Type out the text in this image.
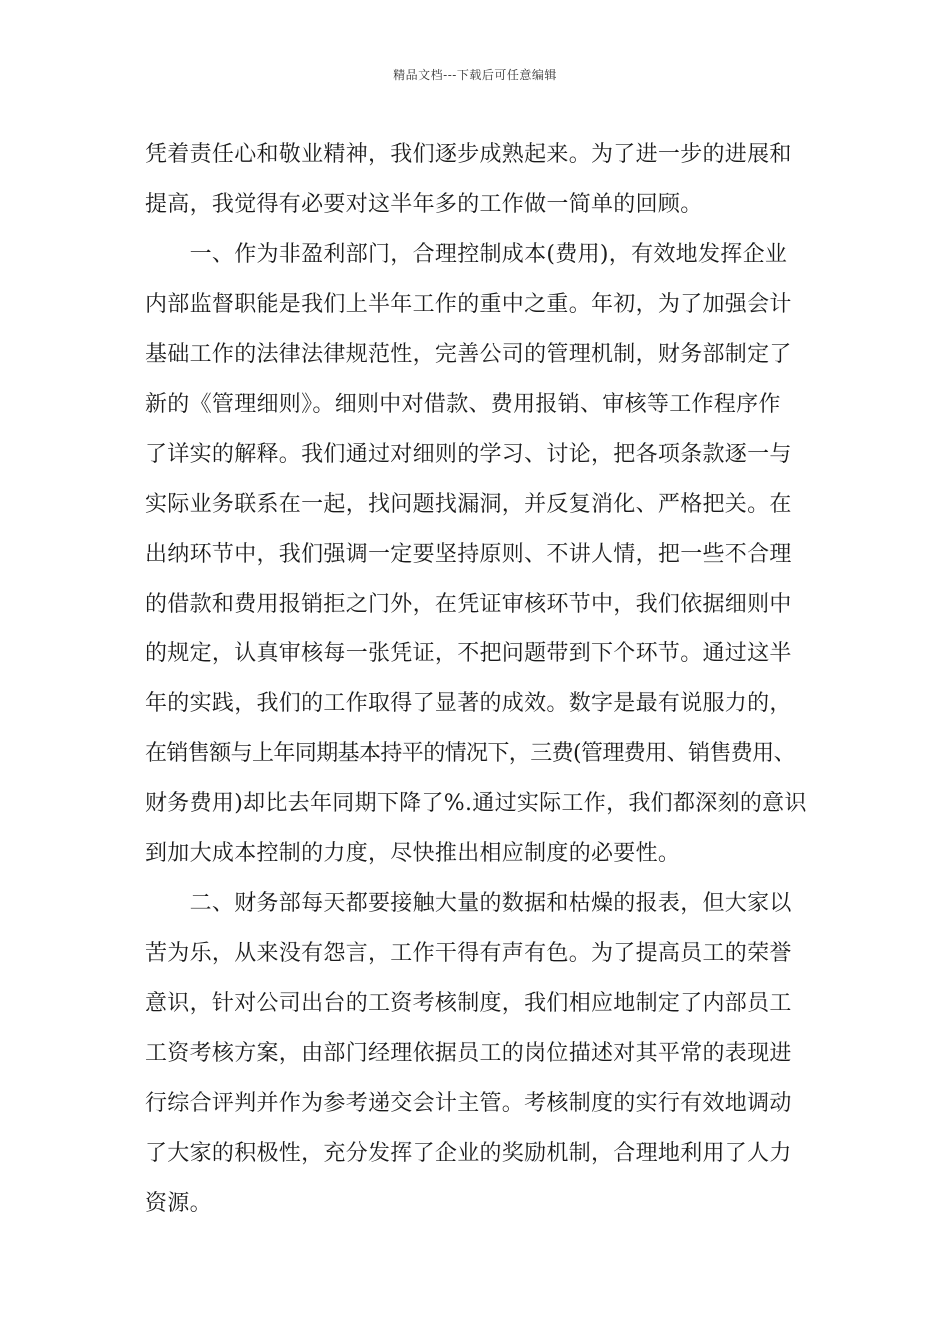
精品文档---下载后可任意编辑
凭着责任心和敬业精神，我们逐步成熟起来。为了进一步的进展和
提高，我觉得有必要对这半年多的工作做一简单的回顾。
　　一、作为非盈利部门，合理控制成本(费用)，有效地发挥企业
内部监督职能是我们上半年工作的重中之重。年初，为了加强会计
基础工作的法律法律规范性，完善公司的管理机制，财务部制定了
新的《管理细则》。细则中对借款、费用报销、审核等工作程序作
了详实的解释。我们通过对细则的学习、讨论，把各项条款逐一与
实际业务联系在一起，找问题找漏洞，并反复消化、严格把关。在
出纳环节中，我们强调一定要坚持原则、不讲人情，把一些不合理
的借款和费用报销拒之门外，在凭证审核环节中，我们依据细则中
的规定，认真审核每一张凭证，不把问题带到下个环节。通过这半
年的实践，我们的工作取得了显著的成效。数字是最有说服力的，
在销售额与上年同期基本持平的情况下，三费(管理费用、销售费用、
财务费用)却比去年同期下降了%.通过实际工作，我们都深刻的意识
到加大成本控制的力度，尽快推出相应制度的必要性。
　　二、财务部每天都要接触大量的数据和枯燥的报表，但大家以
苦为乐，从来没有怨言，工作干得有声有色。为了提高员工的荣誉
意识，针对公司出台的工资考核制度，我们相应地制定了内部员工
工资考核方案，由部门经理依据员工的岗位描述对其平常的表现进
行综合评判并作为参考递交会计主管。考核制度的实行有效地调动
了大家的积极性，充分发挥了企业的奖励机制，合理地利用了人力
资源。
